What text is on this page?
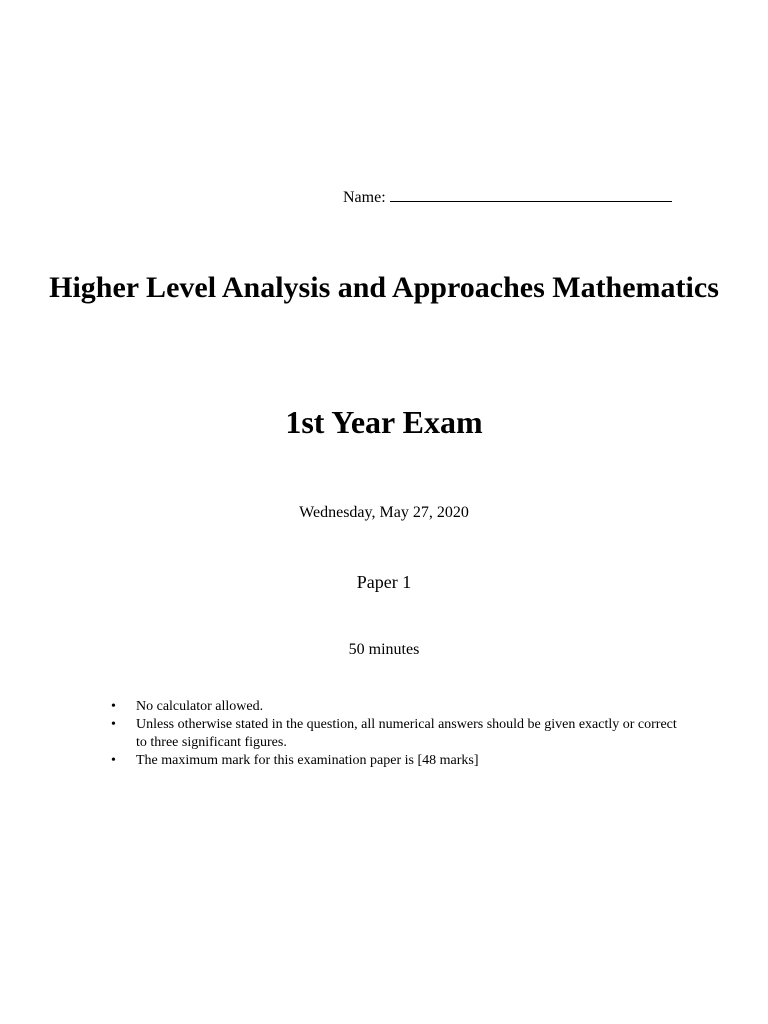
Name:
Higher Level Analysis and Approaches Mathematics
1st Year Exam
Wednesday, May 27, 2020
Paper 1
50 minutes
• No calculator allowed.
• Unless otherwise stated in the question, all numerical answers should be given exactly or correct to three significant figures.
• The maximum mark for this examination paper is [48 marks]
